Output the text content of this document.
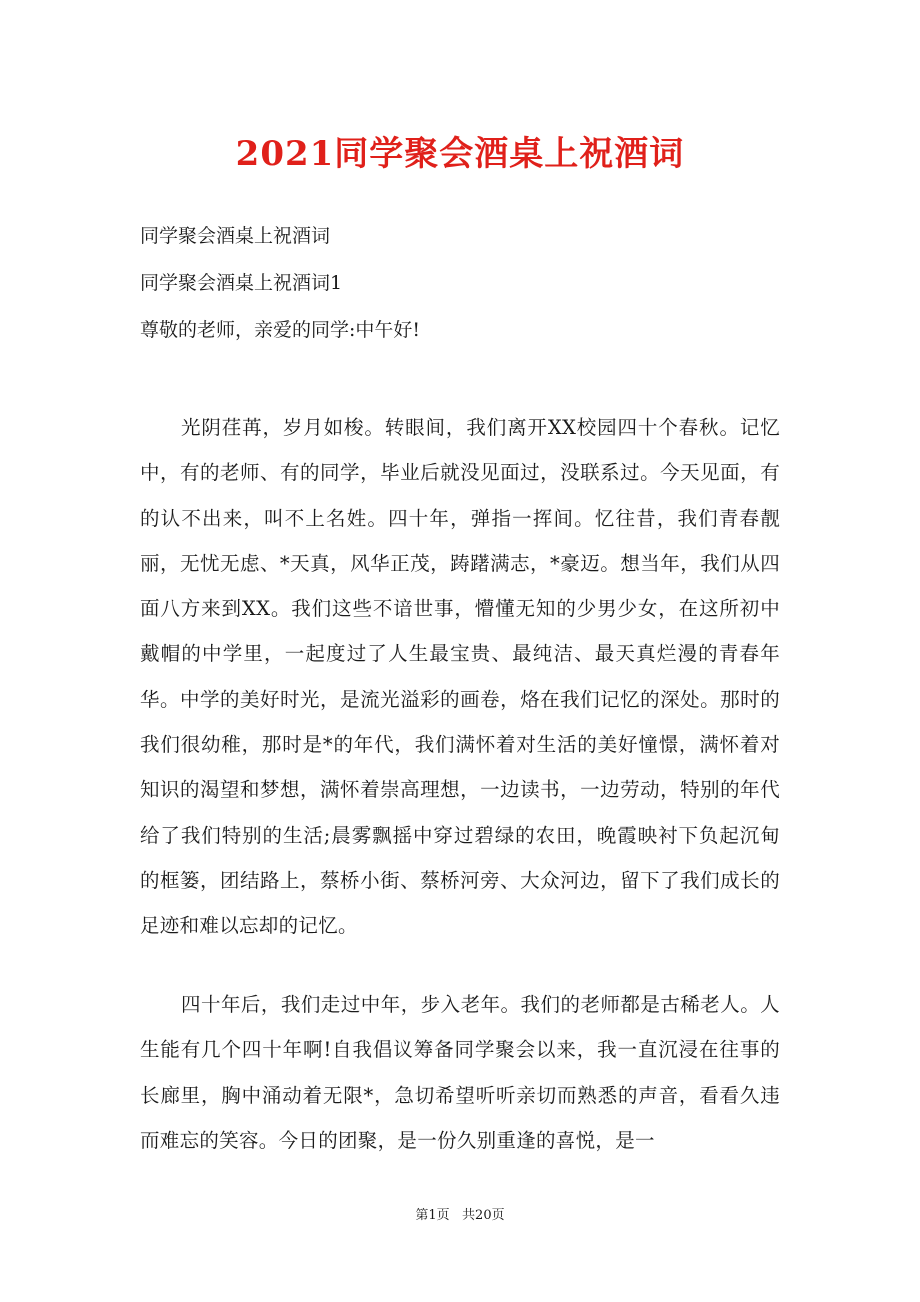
2021同学聚会酒桌上祝酒词
同学聚会酒桌上祝酒词
同学聚会酒桌上祝酒词1
尊敬的老师，亲爱的同学:中午好!

光阴荏苒，岁月如梭。转眼间，我们离开XX校园四十个春秋。记忆中，有的老师、有的同学，毕业后就没见面过，没联系过。今天见面，有的认不出来，叫不上名姓。四十年，弹指一挥间。忆往昔，我们青春靓丽，无忧无虑、*天真，风华正茂，踌躇满志，*豪迈。想当年，我们从四面八方来到XX。我们这些不谙世事，懵懂无知的少男少女，在这所初中戴帽的中学里，一起度过了人生最宝贵、最纯洁、最天真烂漫的青春年华。中学的美好时光，是流光溢彩的画卷，烙在我们记忆的深处。那时的我们很幼稚，那时是*的年代，我们满怀着对生活的美好憧憬，满怀着对知识的渴望和梦想，满怀着崇高理想，一边读书，一边劳动，特别的年代给了我们特别的生活;晨雾飘摇中穿过碧绿的农田，晚霞映衬下负起沉甸的框篓，团结路上，蔡桥小街、蔡桥河旁、大众河边，留下了我们成长的足迹和难以忘却的记忆。

四十年后，我们走过中年，步入老年。我们的老师都是古稀老人。人生能有几个四十年啊!自我倡议筹备同学聚会以来，我一直沉浸在往事的长廊里，胸中涌动着无限*，急切希望听听亲切而熟悉的声音，看看久违而难忘的笑容。今日的团聚，是一份久别重逢的喜悦，是一

第1页   共20页
